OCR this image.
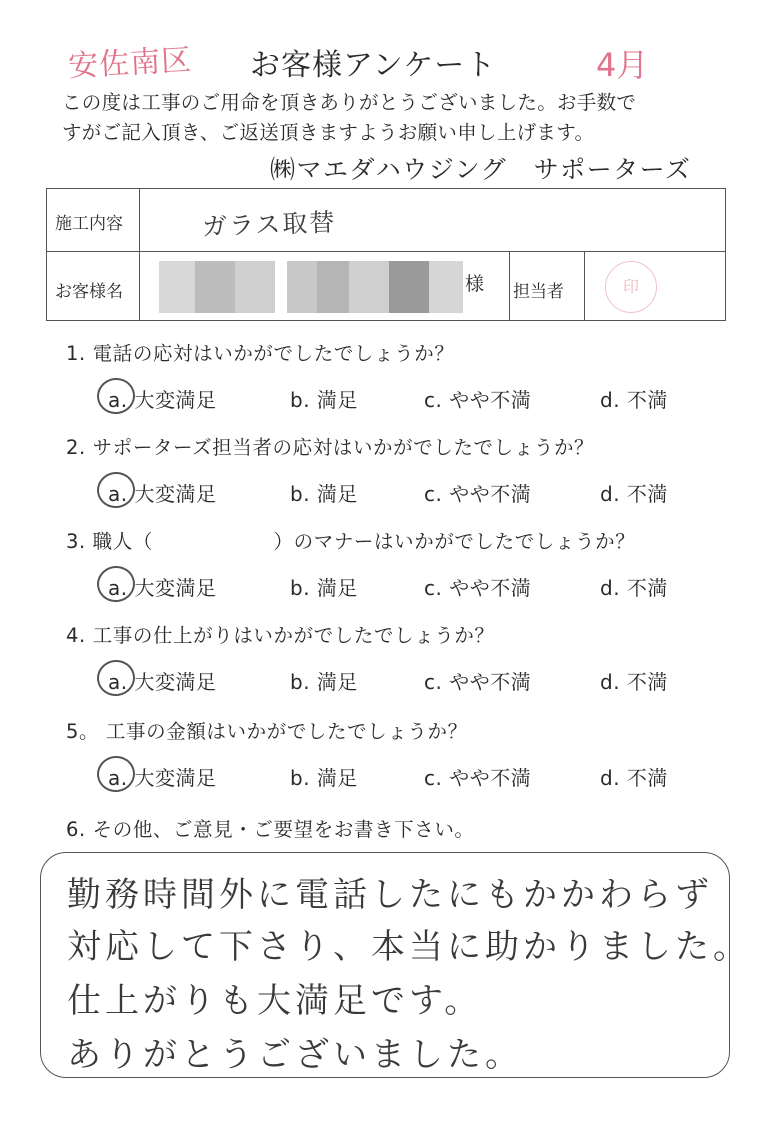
安佐南区 お客様アンケート	4月
この度は工事のご用命を頂きありがとうございました。お手数で
すがご記入頂き、ご返送頂きますようお願い申し上げます。
㈱マエダハウジング　サポーターズ
施工内容	ガラス取替
お客様名	様 担当者	印
1. 電話の応対はいかがでしたでしょうか？
a. 大変満足	b. 満足	c. やや不満	d. 不満
2. サポーターズ担当者の応対はいかがでしたでしょうか？
a. 大変満足	b. 満足	c. やや不満	d. 不満
3. 職人（　　　　　　）のマナーはいかがでしたでしょうか？
a. 大変満足	b. 満足	c. やや不満	d. 不満
4. 工事の仕上がりはいかがでしたでしょうか？
a. 大変満足	b. 満足	c. やや不満	d. 不満
5。 工事の金額はいかがでしたでしょうか？
a. 大変満足	b. 満足	c. やや不満	d. 不満
6. その他、ご意見・ご要望をお書き下さい。
勤務時間外に電話したにもかかわらず
対応して下さり、本当に助かりました。
仕上がりも大満足です。
ありがとうございました。
